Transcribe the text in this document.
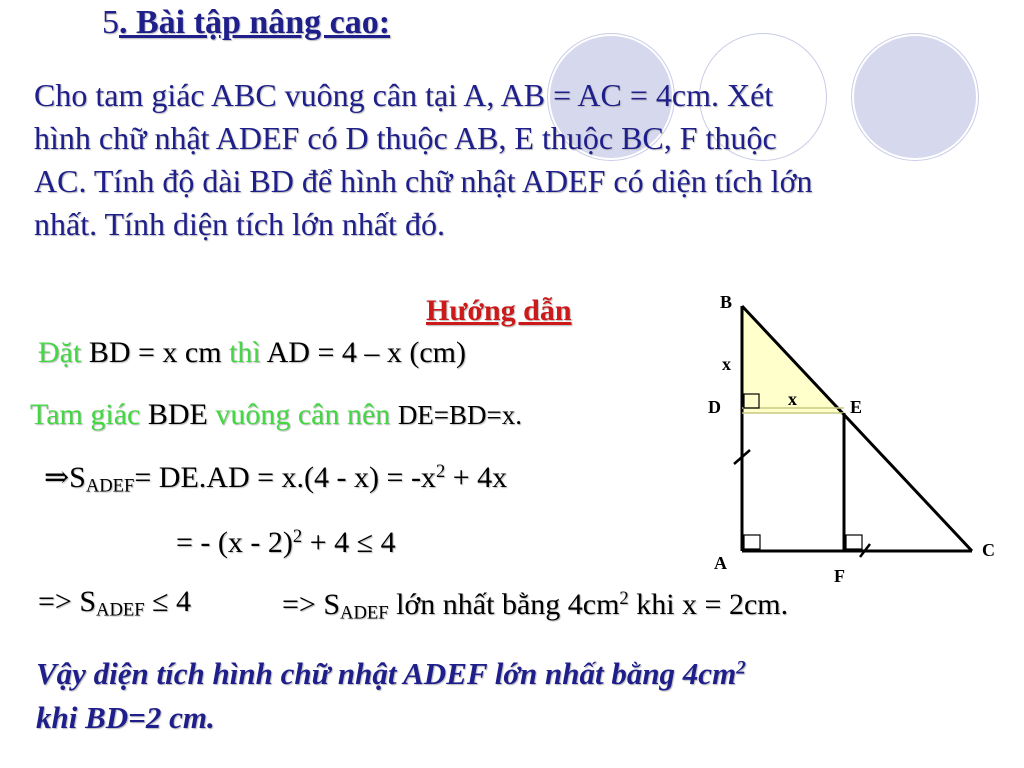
5. Bài tập nâng cao:
Cho tam giác ABC vuông cân tại A, AB = AC = 4cm. Xét
hình chữ nhật ADEF có D thuộc AB, E thuộc BC, F thuộc
AC. Tính độ dài BD để hình chữ nhật ADEF có diện tích lớn
nhất. Tính diện tích lớn nhất đó.
Hướng dẫn
Đặt BD = x cm thì AD = 4 – x (cm)
Tam giác BDE vuông cân nên DE=BD=x.
$\Rightarrow S_{ADEF}= DE.AD = x.(4 - x) = -x^2 + 4x$
= - (x - 2)$^2$ + 4 ≤ 4
=> $S_{ADEF} \le 4$	=> $S_{ADEF}$ lớn nhất bằng $4cm^2$ khi x = 2cm.
Vậy diện tích hình chữ nhật ADEF lớn nhất bằng $4cm^2$
khi BD=2 cm.
B
x
x
D	E
A
F
C
